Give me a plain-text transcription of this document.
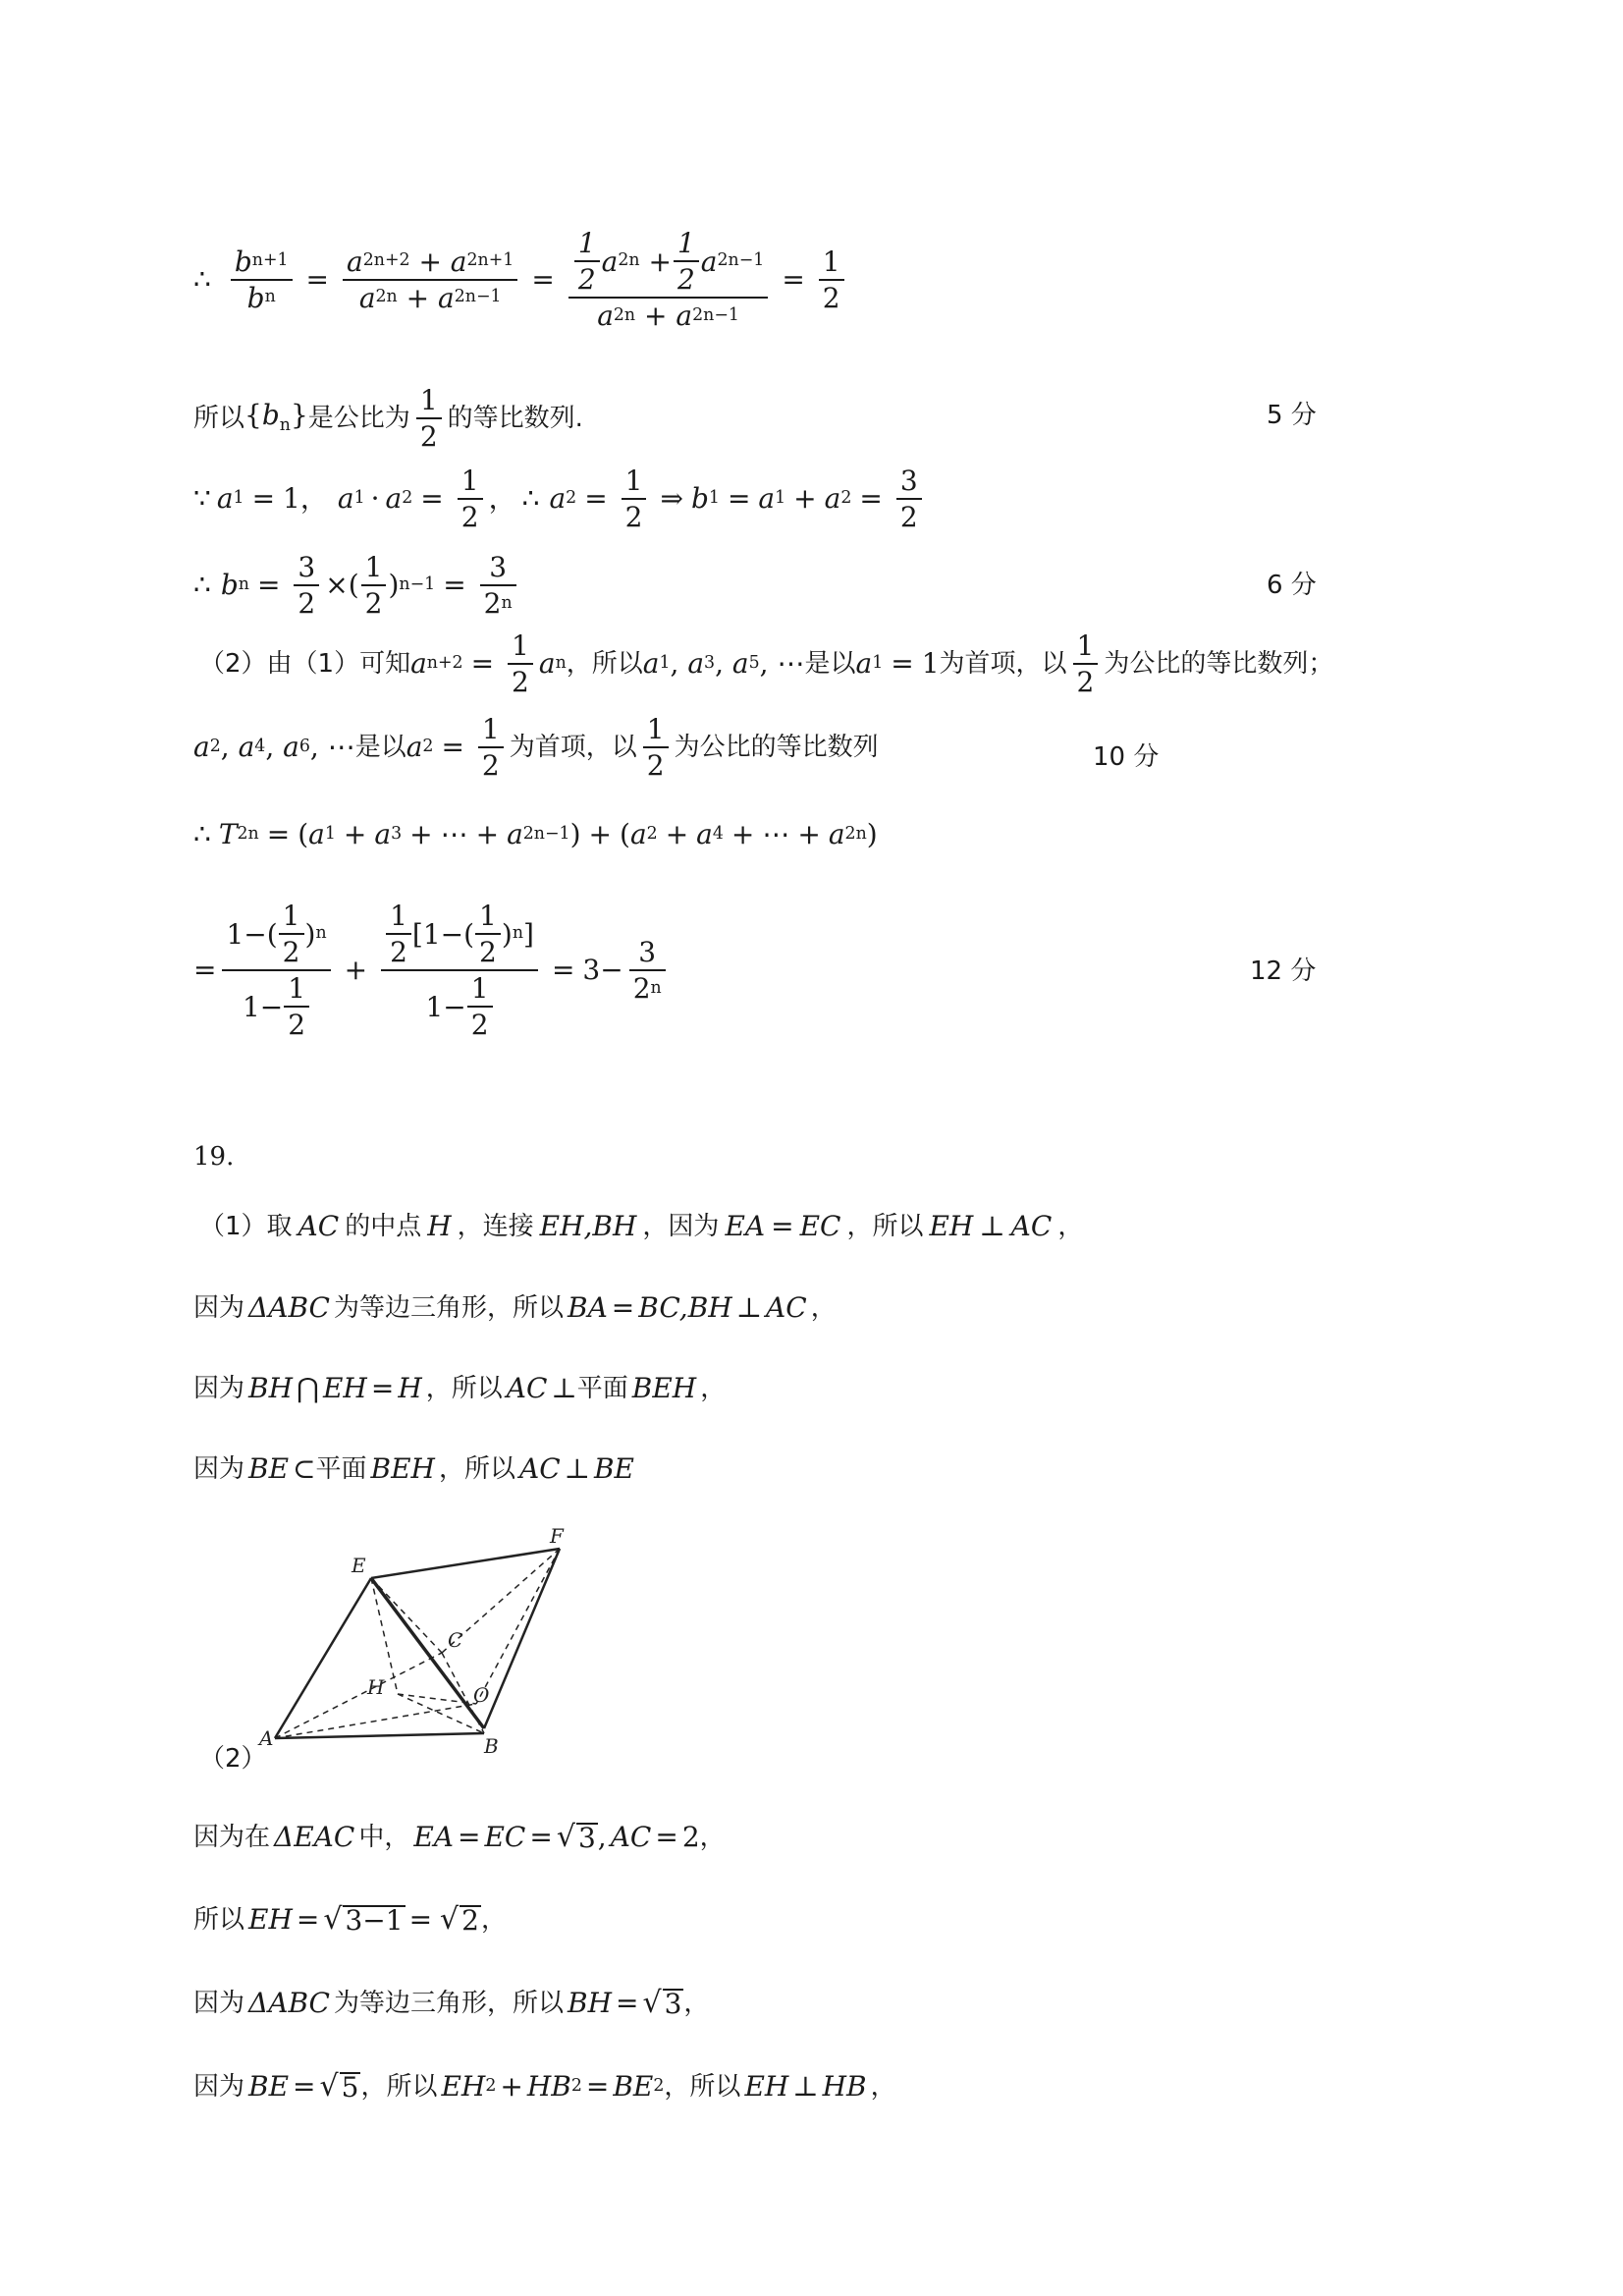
∴ $\frac{\text{b n+1}}{\text{b n}} = \frac{a 2n+2 + a 2n+1}{a 2n + a 2n-1} = \frac{\frac{1}{2} a 2n + \frac{1}{2} a 2n-1}{a 2n + a 2n-1} = \frac{1}{2}$
所以 $\{b_n\}$ 是公比为 $\frac{1}{2}$ 的等比数列.	5 分
∵ a 1 = 1 ， a 1 · a $2 = \frac{1}{2}$ ， ∴ a $2 = \frac{1}{2}$ ⇒ b 1 = a 1 + a $2 = \frac{3}{2}$
∴ b $n = \frac{3}{2}$ ×( $\frac{1}{2}$ ) $n-1 = \frac{3}{2 n}$	6 分
（2）由（1）可知 a $n+2 = \frac{1}{2}$ a n ，所以 a 1 , a 3 , a 5 , ⋯ 是以 a 1 = 1 为首项，以 $\frac{1}{2}$ 为公比的等比数列；
a 2 , a 4 , a 6 , ⋯ 是以 a $2 = \frac{1}{2}$ 为首项，以 $\frac{1}{2}$ 为公比的等比数列	10 分
∴ T 2n = ( a 1 + a 3 + ⋯ + a 2n−1 ) + ( a 2 + a 4 + ⋯ + a 2n )
= $\frac{1-( \frac{1}{2} ) n}{1- \frac{1}{2}} + \frac{\frac{1}{2} [1-( \frac{1}{2} ) n ]}{1- \frac{1}{2}} = 3- \frac{3}{2 n}$	12 分
19.
（1）取 AC 的中点 H ，连接 EH,BH ，因为 EA = EC ，所以 EH ⊥ AC ，
因为 ΔABC 为等边三角形，所以 BA = BC,BH ⊥ AC ，
因为 BH ⋂ EH = H ，所以 AC ⊥ 平面 BEH ，
因为 BE ⊂ 平面 BEH ，所以 AC ⊥ BE
E
F
C
H	O
A	B
（2）
因为在 ΔEAC 中， EA = EC = √ 3 , AC = 2 ，
所以 EH = √ 3−1 = √ 2 ，
因为 ΔABC 为等边三角形，所以 BH = √ 3 ，
因为 BE = √ 5 ，所以 EH 2 + HB 2 = BE 2 ，所以 EH ⊥ HB ，
